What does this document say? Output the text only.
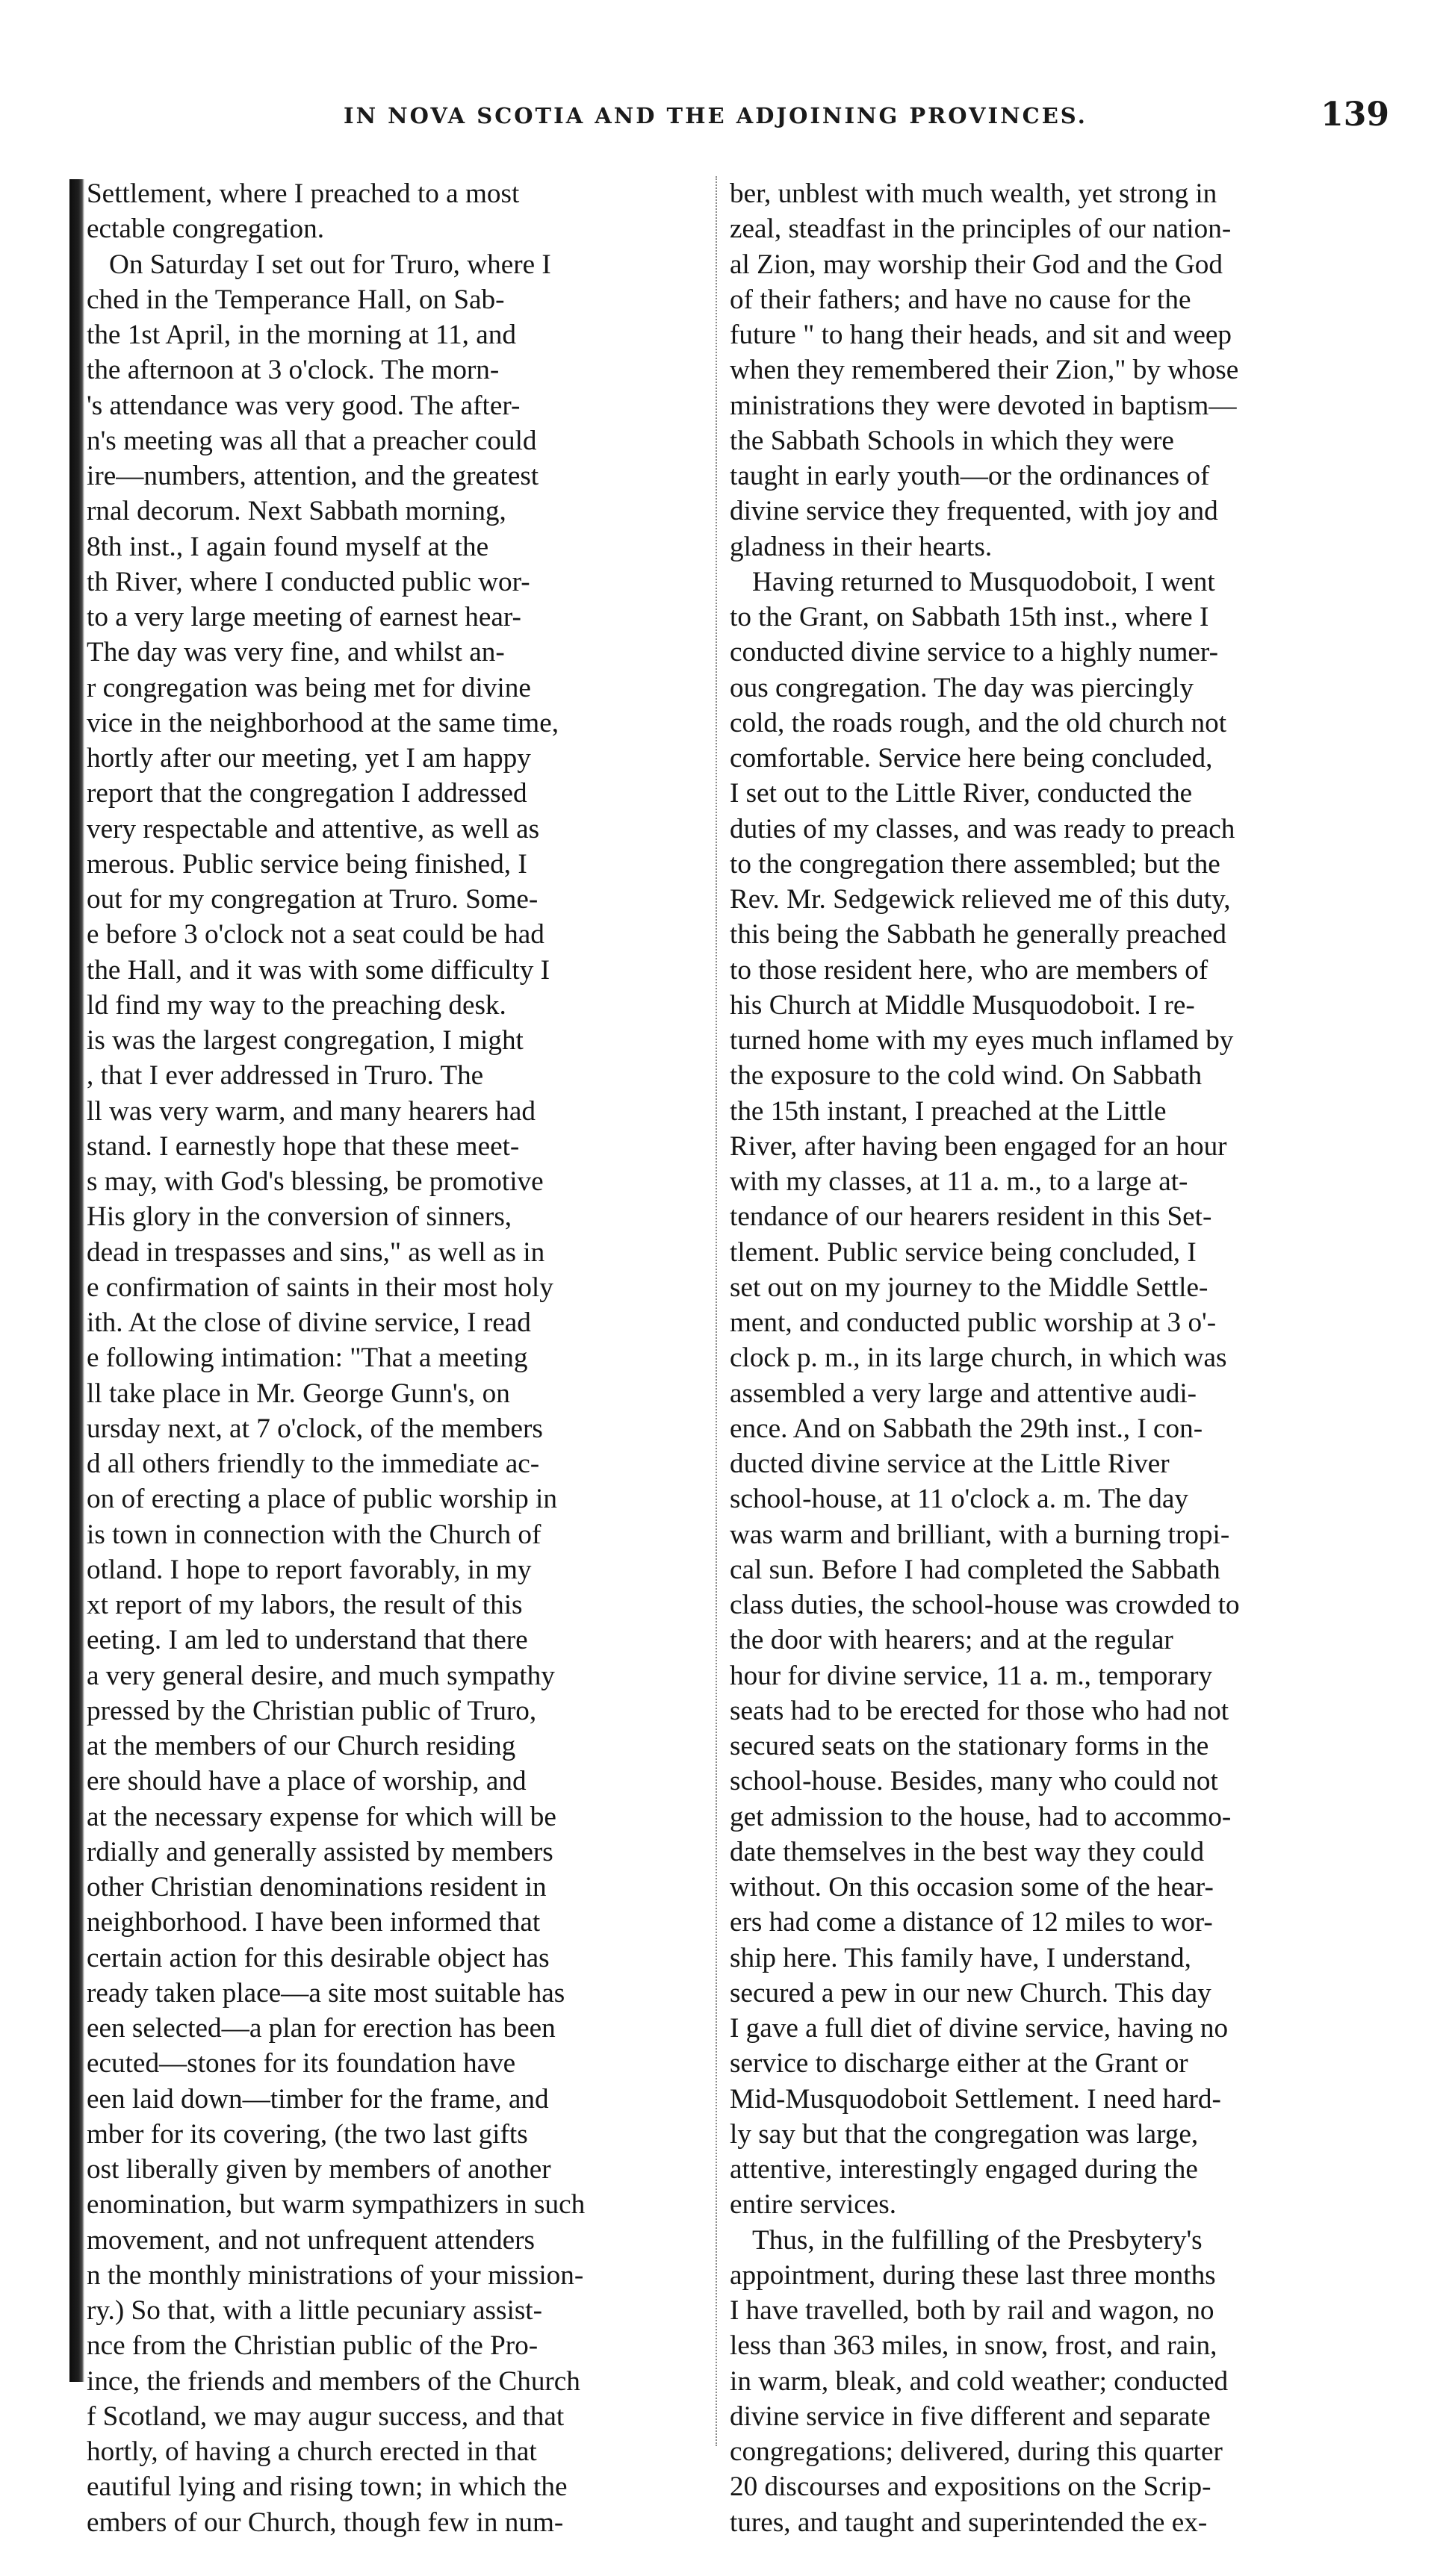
IN NOVA SCOTIA AND THE ADJOINING PROVINCES.	139
Settlement, where I preached to a most
ectable congregation.
On Saturday I set out for Truro, where I
ched in the Temperance Hall, on Sab-
the 1st April, in the morning at 11, and
the afternoon at 3 o'clock. The morn-
's attendance was very good. The after-
n's meeting was all that a preacher could
ire—numbers, attention, and the greatest
rnal decorum. Next Sabbath morning,
8th inst., I again found myself at the
th River, where I conducted public wor-
to a very large meeting of earnest hear-
The day was very fine, and whilst an-
r congregation was being met for divine
vice in the neighborhood at the same time,
hortly after our meeting, yet I am happy
report that the congregation I addressed
very respectable and attentive, as well as
merous. Public service being finished, I
out for my congregation at Truro. Some-
e before 3 o'clock not a seat could be had
the Hall, and it was with some difficulty I
ld find my way to the preaching desk.
is was the largest congregation, I might
, that I ever addressed in Truro. The
ll was very warm, and many hearers had
stand. I earnestly hope that these meet-
s may, with God's blessing, be promotive
His glory in the conversion of sinners,
dead in trespasses and sins," as well as in
e confirmation of saints in their most holy
ith. At the close of divine service, I read
e following intimation: "That a meeting
ll take place in Mr. George Gunn's, on
ursday next, at 7 o'clock, of the members
d all others friendly to the immediate ac-
on of erecting a place of public worship in
is town in connection with the Church of
otland. I hope to report favorably, in my
xt report of my labors, the result of this
eeting. I am led to understand that there
a very general desire, and much sympathy
pressed by the Christian public of Truro,
at the members of our Church residing
ere should have a place of worship, and
at the necessary expense for which will be
rdially and generally assisted by members
other Christian denominations resident in
neighborhood. I have been informed that
certain action for this desirable object has
ready taken place—a site most suitable has
een selected—a plan for erection has been
ecuted—stones for its foundation have
een laid down—timber for the frame, and
mber for its covering, (the two last gifts
ost liberally given by members of another
enomination, but warm sympathizers in such
movement, and not unfrequent attenders
n the monthly ministrations of your mission-
ry.) So that, with a little pecuniary assist-
nce from the Christian public of the Pro-
ince, the friends and members of the Church
f Scotland, we may augur success, and that
hortly, of having a church erected in that
eautiful lying and rising town; in which the
embers of our Church, though few in num-
ber, unblest with much wealth, yet strong in
zeal, steadfast in the principles of our nation-
al Zion, may worship their God and the God
of their fathers; and have no cause for the
future " to hang their heads, and sit and weep
when they remembered their Zion," by whose
ministrations they were devoted in baptism—
the Sabbath Schools in which they were
taught in early youth—or the ordinances of
divine service they frequented, with joy and
gladness in their hearts.
Having returned to Musquodoboit, I went
to the Grant, on Sabbath 15th inst., where I
conducted divine service to a highly numer-
ous congregation. The day was piercingly
cold, the roads rough, and the old church not
comfortable. Service here being concluded,
I set out to the Little River, conducted the
duties of my classes, and was ready to preach
to the congregation there assembled; but the
Rev. Mr. Sedgewick relieved me of this duty,
this being the Sabbath he generally preached
to those resident here, who are members of
his Church at Middle Musquodoboit. I re-
turned home with my eyes much inflamed by
the exposure to the cold wind. On Sabbath
the 15th instant, I preached at the Little
River, after having been engaged for an hour
with my classes, at 11 a. m., to a large at-
tendance of our hearers resident in this Set-
tlement. Public service being concluded, I
set out on my journey to the Middle Settle-
ment, and conducted public worship at 3 o'-
clock p. m., in its large church, in which was
assembled a very large and attentive audi-
ence. And on Sabbath the 29th inst., I con-
ducted divine service at the Little River
school-house, at 11 o'clock a. m. The day
was warm and brilliant, with a burning tropi-
cal sun. Before I had completed the Sabbath
class duties, the school-house was crowded to
the door with hearers; and at the regular
hour for divine service, 11 a. m., temporary
seats had to be erected for those who had not
secured seats on the stationary forms in the
school-house. Besides, many who could not
get admission to the house, had to accommo-
date themselves in the best way they could
without. On this occasion some of the hear-
ers had come a distance of 12 miles to wor-
ship here. This family have, I understand,
secured a pew in our new Church. This day
I gave a full diet of divine service, having no
service to discharge either at the Grant or
Mid-Musquodoboit Settlement. I need hard-
ly say but that the congregation was large,
attentive, interestingly engaged during the
entire services.
Thus, in the fulfilling of the Presbytery's
appointment, during these last three months
I have travelled, both by rail and wagon, no
less than 363 miles, in snow, frost, and rain,
in warm, bleak, and cold weather; conducted
divine service in five different and separate
congregations; delivered, during this quarter
20 discourses and expositions on the Scrip-
tures, and taught and superintended the ex-
